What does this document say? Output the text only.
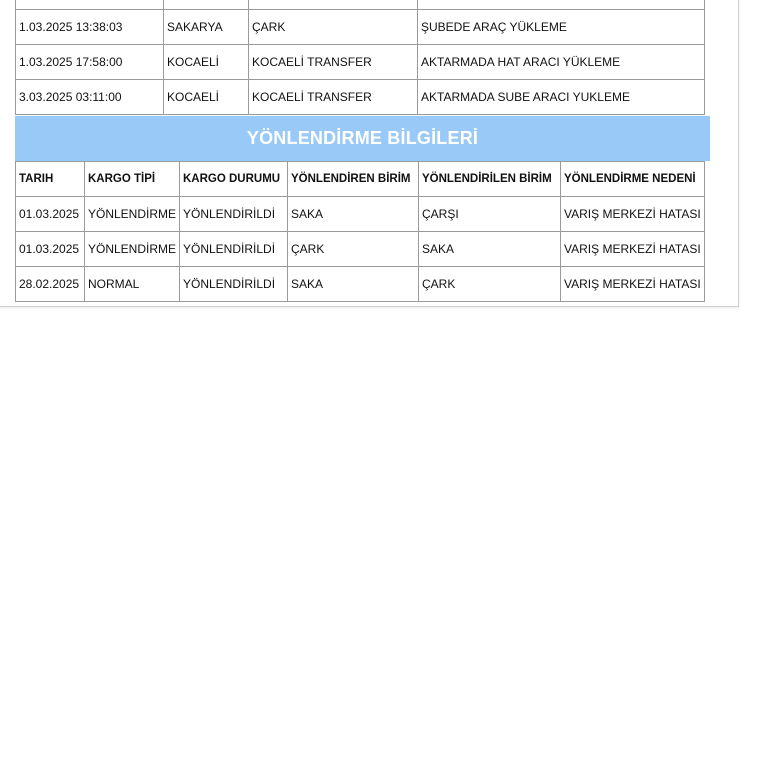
1.03.2025 13:38:03	SAKARYA	ÇARK	ŞUBEDE ARAÇ YÜKLEME
1.03.2025 17:58:00	KOCAELİ	KOCAELİ TRANSFER	AKTARMADA HAT ARACI YÜKLEME
3.03.2025 03:11:00	KOCAELİ	KOCAELİ TRANSFER	AKTARMADA SUBE ARACI YUKLEME
YÖNLENDİRME BİLGİLERİ
TARIH	KARGO TİPİ	KARGO DURUMU	YÖNLENDİREN BİRİM	YÖNLENDİRİLEN BİRİM	YÖNLENDİRME NEDENİ
01.03.2025	YÖNLENDİRME	YÖNLENDİRİLDİ	SAKA	ÇARŞI	VARIŞ MERKEZİ HATASI
01.03.2025	YÖNLENDİRME	YÖNLENDİRİLDİ	ÇARK	SAKA	VARIŞ MERKEZİ HATASI
28.02.2025	NORMAL	YÖNLENDİRİLDİ	SAKA	ÇARK	VARIŞ MERKEZİ HATASI
